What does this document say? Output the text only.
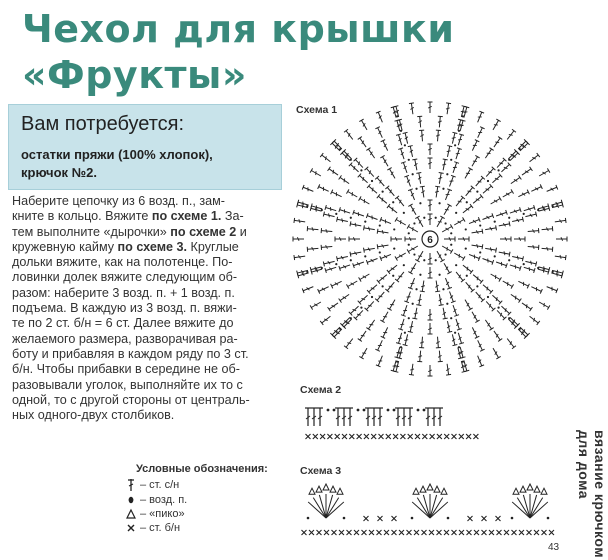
Чехол для крышки
«Фрукты»
Вам потребуется:
остатки пряжи (100% хлопок),
крючок №2.
Наберите цепочку из 6 возд. п., зам-
кните в кольцо. Вяжите по схеме 1. За-
тем выполните «дырочки» по схеме 2 и
кружевную кайму по схеме 3. Круглые
дольки вяжите, как на полотенце. По-
ловинки долек вяжите следующим об-
разом: наберите 3 возд. п. + 1 возд. п.
подъема. В каждую из 3 возд. п. вяжи-
те по 2 ст. б/н = 6 ст. Далее вяжите до
желаемого размера, разворачивая ра-
боту и прибавляя в каждом ряду по 3 ст.
б/н. Чтобы прибавки в середине не об-
разовывали уголок, выполняйте их то с
одной, то с другой стороны от централь-
ных одного-двух столбиков.
Условные обозначения:
– ст. с/н
– возд. п.
– «пико»
– ст. б/н
Схема 1
Схема 2
Схема 3
6
вязание крючком для дома
43
